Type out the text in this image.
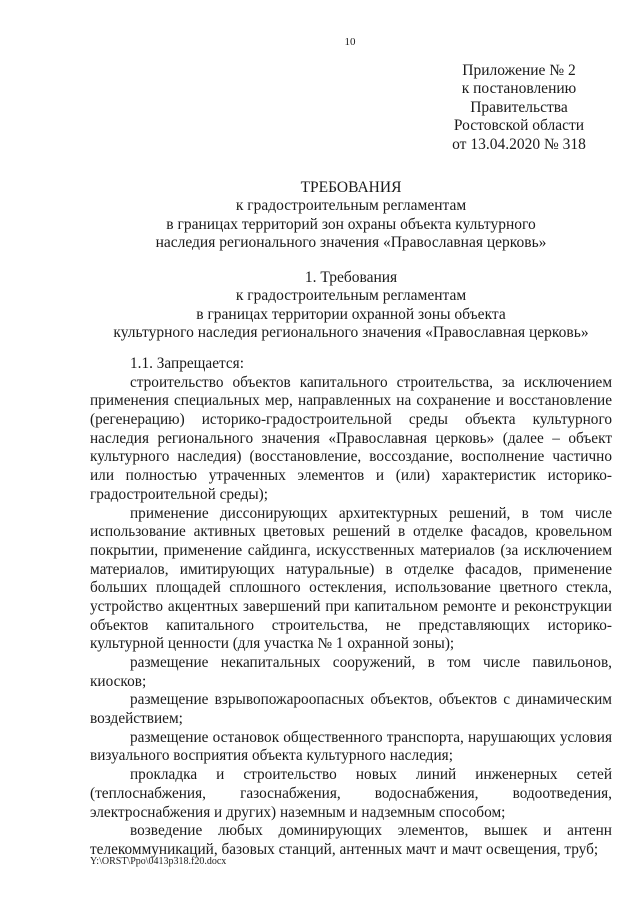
10
Приложение № 2
к постановлению
Правительства
Ростовской области
от 13.04.2020 № 318
ТРЕБОВАНИЯ
к градостроительным регламентам
в границах территорий зон охраны объекта культурного
наследия регионального значения «Православная церковь»
1. Требования
к градостроительным регламентам
в границах территории охранной зоны объекта
культурного наследия регионального значения «Православная церковь»
1.1. Запрещается:
строительство объектов капитального строительства, за исключением
применения специальных мер, направленных на сохранение и восстановление
(регенерацию) историко-градостроительной среды объекта культурного
наследия регионального значения «Православная церковь» (далее – объект
культурного наследия) (восстановление, воссоздание, восполнение частично
или полностью утраченных элементов и (или) характеристик историко-
градостроительной среды);
применение диссонирующих архитектурных решений, в том числе
использование активных цветовых решений в отделке фасадов, кровельном
покрытии, применение сайдинга, искусственных материалов (за исключением
материалов, имитирующих натуральные) в отделке фасадов, применение
больших площадей сплошного остекления, использование цветного стекла,
устройство акцентных завершений при капитальном ремонте и реконструкции
объектов капитального строительства, не представляющих историко-
культурной ценности (для участка № 1 охранной зоны);
размещение некапитальных сооружений, в том числе павильонов,
киосков;
размещение взрывопожароопасных объектов, объектов с динамическим
воздействием;
размещение остановок общественного транспорта, нарушающих условия
визуального восприятия объекта культурного наследия;
прокладка и строительство новых линий инженерных сетей
(теплоснабжения, газоснабжения, водоснабжения, водоотведения,
электроснабжения и других) наземным и надземным способом;
возведение любых доминирующих элементов, вышек и антенн
телекоммуникаций, базовых станций, антенных мачт и мачт освещения, труб;
Y:\ORST\Ppo\0413p318.f20.docx
